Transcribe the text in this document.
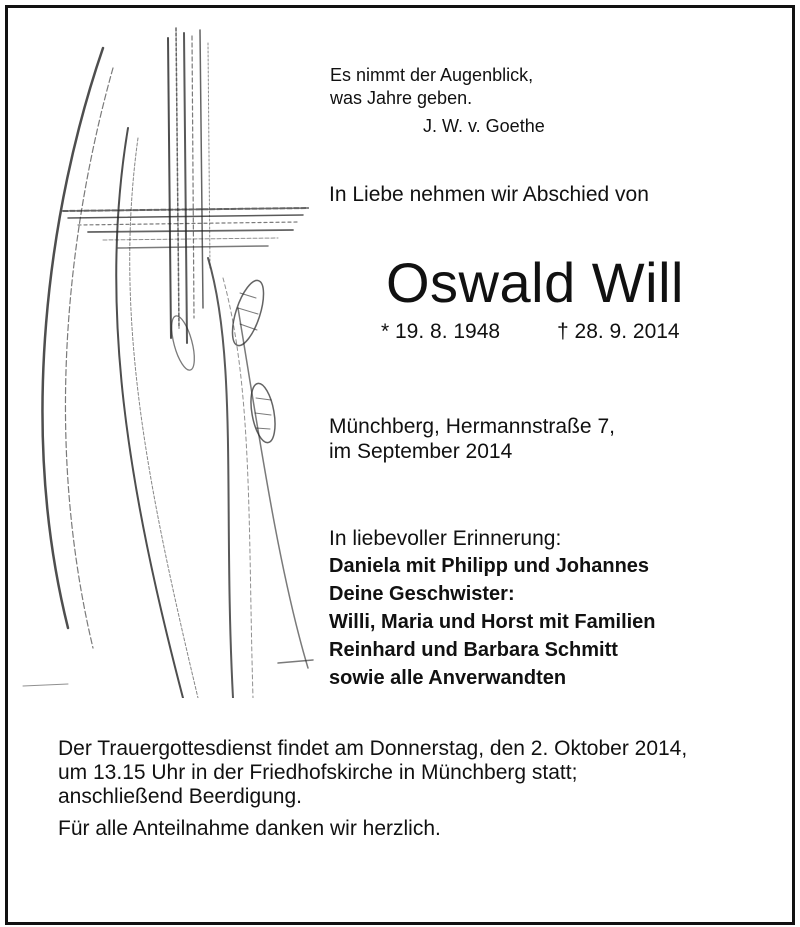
Es nimmt der Augenblick,
was Jahre geben.
J. W. v. Goethe
In Liebe nehmen wir Abschied von
Oswald Will
* 19. 8. 1948	† 28. 9. 2014
Münchberg, Hermannstraße 7,
im September 2014
In liebevoller Erinnerung:
Daniela mit Philipp und Johannes
Deine Geschwister:
Willi, Maria und Horst mit Familien
Reinhard und Barbara Schmitt
sowie alle Anverwandten
Der Trauergottesdienst findet am Donnerstag, den 2. Oktober 2014,
um 13.15 Uhr in der Friedhofskirche in Münchberg statt;
anschließend Beerdigung.
Für alle Anteilnahme danken wir herzlich.
